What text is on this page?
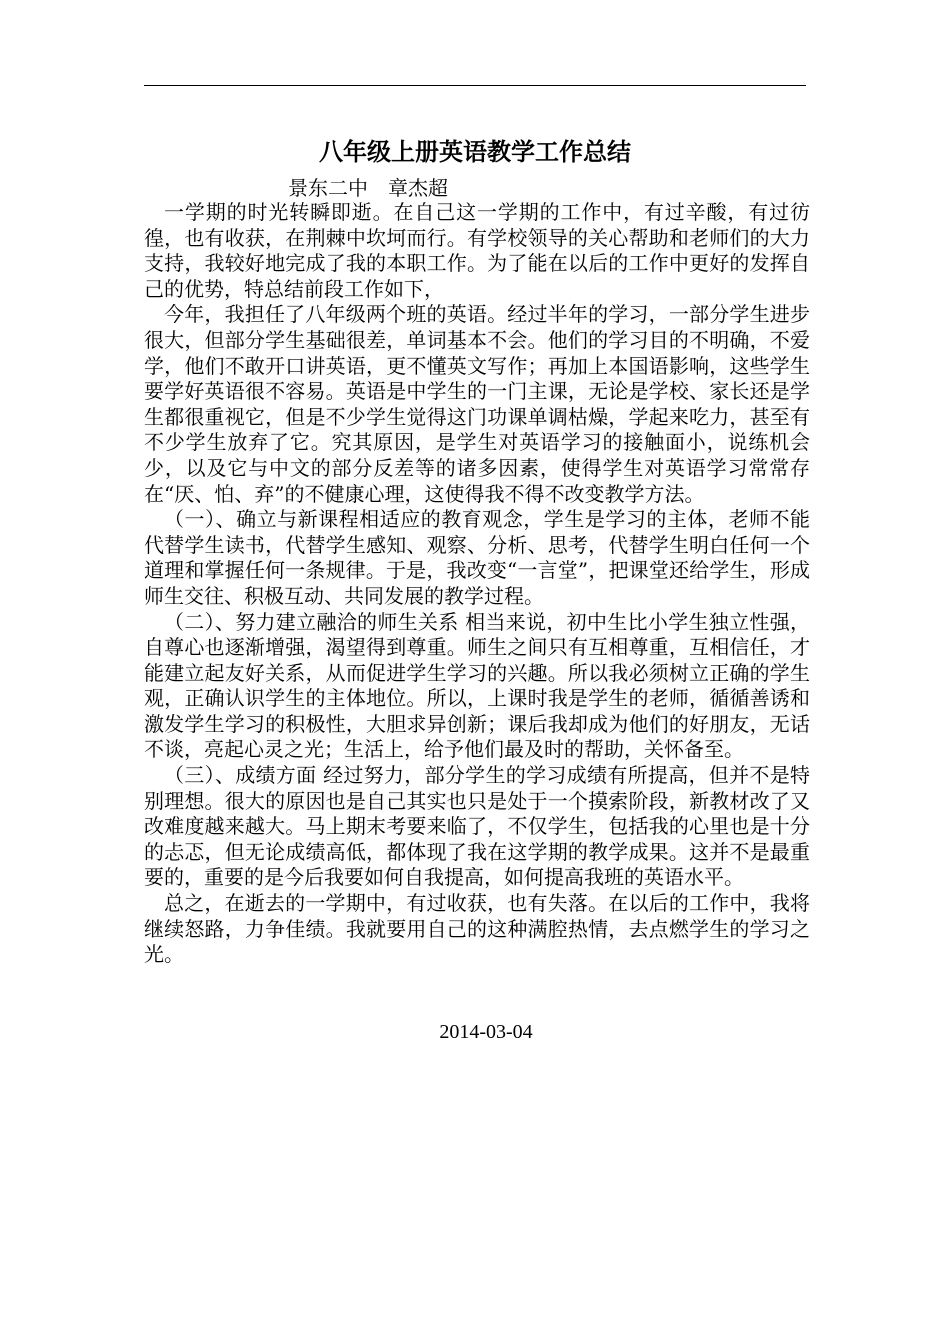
八年级上册英语教学工作总结
景东二中　章杰超

一学期的时光转瞬即逝。在自己这一学期的工作中，有过辛酸，有过彷徨，也有收获，在荆棘中坎坷而行。有学校领导的关心帮助和老师们的大力支持，我较好地完成了我的本职工作。为了能在以后的工作中更好的发挥自己的优势，特总结前段工作如下，

今年，我担任了八年级两个班的英语。经过半年的学习，一部分学生进步很大，但部分学生基础很差，单词基本不会。他们的学习目的不明确，不爱学，他们不敢开口讲英语，更不懂英文写作；再加上本国语影响，这些学生要学好英语很不容易。英语是中学生的一门主课，无论是学校、家长还是学生都很重视它，但是不少学生觉得这门功课单调枯燥，学起来吃力，甚至有不少学生放弃了它。究其原因，是学生对英语学习的接触面小，说练机会少，以及它与中文的部分反差等的诸多因素，使得学生对英语学习常常存在“厌、怕、弃”的不健康心理，这使得我不得不改变教学方法。

（一）、确立与新课程相适应的教育观念，学生是学习的主体，老师不能代替学生读书，代替学生感知、观察、分析、思考，代替学生明白任何一个道理和掌握任何一条规律。于是，我改变“一言堂”，把课堂还给学生，形成师生交往、积极互动、共同发展的教学过程。

（二）、努力建立融洽的师生关系 相当来说，初中生比小学生独立性强，自尊心也逐渐增强，渴望得到尊重。师生之间只有互相尊重，互相信任，才能建立起友好关系，从而促进学生学习的兴趣。所以我必须树立正确的学生观，正确认识学生的主体地位。所以，上课时我是学生的老师，循循善诱和激发学生学习的积极性，大胆求异创新；课后我却成为他们的好朋友，无话不谈，亮起心灵之光；生活上，给予他们最及时的帮助，关怀备至。

（三）、成绩方面 经过努力，部分学生的学习成绩有所提高，但并不是特别理想。很大的原因也是自己其实也只是处于一个摸索阶段，新教材改了又改难度越来越大。马上期末考要来临了，不仅学生，包括我的心里也是十分的忐忑，但无论成绩高低，都体现了我在这学期的教学成果。这并不是最重要的，重要的是今后我要如何自我提高，如何提高我班的英语水平。

总之，在逝去的一学期中，有过收获，也有失落。在以后的工作中，我将继续怒路，力争佳绩。我就要用自己的这种满腔热情，去点燃学生的学习之光。

2014-03-04
